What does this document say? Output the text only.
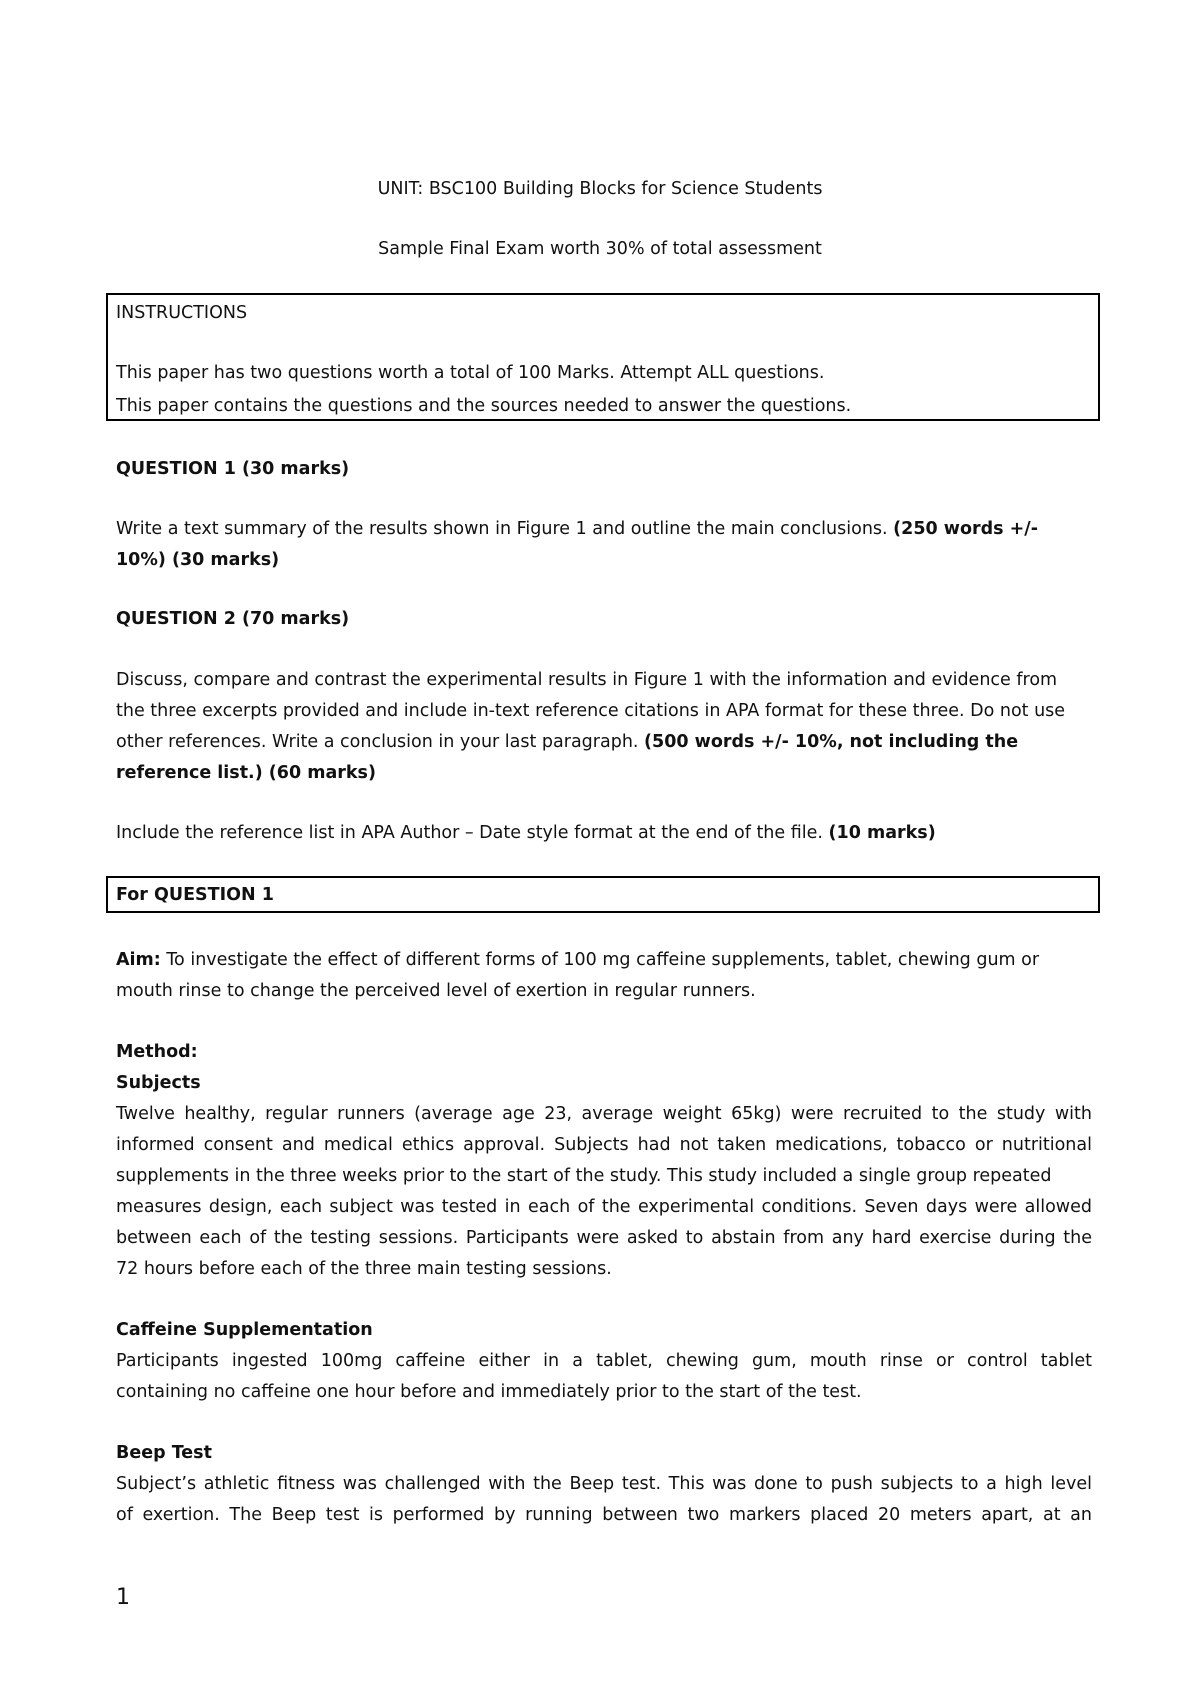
UNIT: BSC100 Building Blocks for Science Students
Sample Final Exam worth 30% of total assessment
INSTRUCTIONS
This paper has two questions worth a total of 100 Marks. Attempt ALL questions.
This paper contains the questions and the sources needed to answer the questions.
QUESTION 1 (30 marks)
Write a text summary of the results shown in Figure 1 and outline the main conclusions. (250 words +/-
10%) (30 marks)
QUESTION 2 (70 marks)
Discuss, compare and contrast the experimental results in Figure 1 with the information and evidence from
the three excerpts provided and include in-text reference citations in APA format for these three. Do not use
other references. Write a conclusion in your last paragraph. (500 words +/- 10%, not including the
reference list.) (60 marks)
Include the reference list in APA Author – Date style format at the end of the file. (10 marks)
For QUESTION 1
Aim: To investigate the effect of different forms of 100 mg caffeine supplements, tablet, chewing gum or
mouth rinse to change the perceived level of exertion in regular runners.
Method:
Subjects
Twelve healthy, regular runners (average age 23, average weight 65kg) were recruited to the study with
informed consent and medical ethics approval. Subjects had not taken medications, tobacco or nutritional
supplements in the three weeks prior to the start of the study. This study included a single group repeated
measures design, each subject was tested in each of the experimental conditions. Seven days were allowed
between each of the testing sessions. Participants were asked to abstain from any hard exercise during the
72 hours before each of the three main testing sessions.
Caffeine Supplementation
Participants ingested 100mg caffeine either in a tablet, chewing gum, mouth rinse or control tablet
containing no caffeine one hour before and immediately prior to the start of the test.
Beep Test
Subject’s athletic fitness was challenged with the Beep test. This was done to push subjects to a high level
of exertion. The Beep test is performed by running between two markers placed 20 meters apart, at an
1
